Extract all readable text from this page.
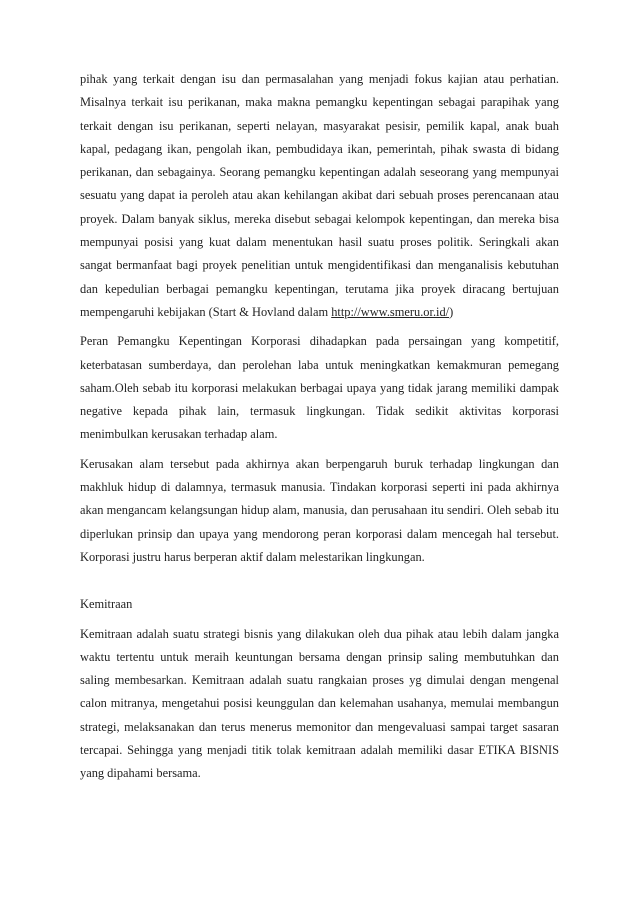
pihak yang terkait dengan isu dan permasalahan yang menjadi fokus kajian atau perhatian. Misalnya terkait isu perikanan, maka makna pemangku kepentingan sebagai parapihak yang terkait dengan isu perikanan, seperti nelayan, masyarakat pesisir, pemilik kapal, anak buah kapal, pedagang ikan, pengolah ikan, pembudidaya ikan, pemerintah, pihak swasta di bidang perikanan, dan sebagainya. Seorang pemangku kepentingan adalah seseorang yang mempunyai sesuatu yang dapat ia peroleh atau akan kehilangan akibat dari sebuah proses perencanaan atau proyek. Dalam banyak siklus, mereka disebut sebagai kelompok kepentingan, dan mereka bisa mempunyai posisi yang kuat dalam menentukan hasil suatu proses politik. Seringkali akan sangat bermanfaat bagi proyek penelitian untuk mengidentifikasi dan menganalisis kebutuhan dan kepedulian berbagai pemangku kepentingan, terutama jika proyek diracang bertujuan mempengaruhi kebijakan (Start & Hovland dalam http://www.smeru.or.id/)

Peran Pemangku Kepentingan Korporasi dihadapkan pada persaingan yang kompetitif, keterbatasan sumberdaya, dan perolehan laba untuk meningkatkan kemakmuran pemegang saham.Oleh sebab itu korporasi melakukan berbagai upaya yang tidak jarang memiliki dampak negative kepada pihak lain, termasuk lingkungan. Tidak sedikit aktivitas korporasi menimbulkan kerusakan terhadap alam.

Kerusakan alam tersebut pada akhirnya akan berpengaruh buruk terhadap lingkungan dan makhluk hidup di dalamnya, termasuk manusia. Tindakan korporasi seperti ini pada akhirnya akan mengancam kelangsungan hidup alam, manusia, dan perusahaan itu sendiri. Oleh sebab itu diperlukan prinsip dan upaya yang mendorong peran korporasi dalam mencegah hal tersebut. Korporasi justru harus berperan aktif dalam melestarikan lingkungan.

Kemitraan

Kemitraan adalah suatu strategi bisnis yang dilakukan oleh dua pihak atau lebih dalam jangka waktu tertentu untuk meraih keuntungan bersama dengan prinsip saling membutuhkan dan saling membesarkan. Kemitraan adalah suatu rangkaian proses yg dimulai dengan mengenal calon mitranya, mengetahui posisi keunggulan dan kelemahan usahanya, memulai membangun strategi, melaksanakan dan terus menerus memonitor dan mengevaluasi sampai target sasaran tercapai. Sehingga yang menjadi titik tolak kemitraan adalah memiliki dasar ETIKA BISNIS yang dipahami bersama.
